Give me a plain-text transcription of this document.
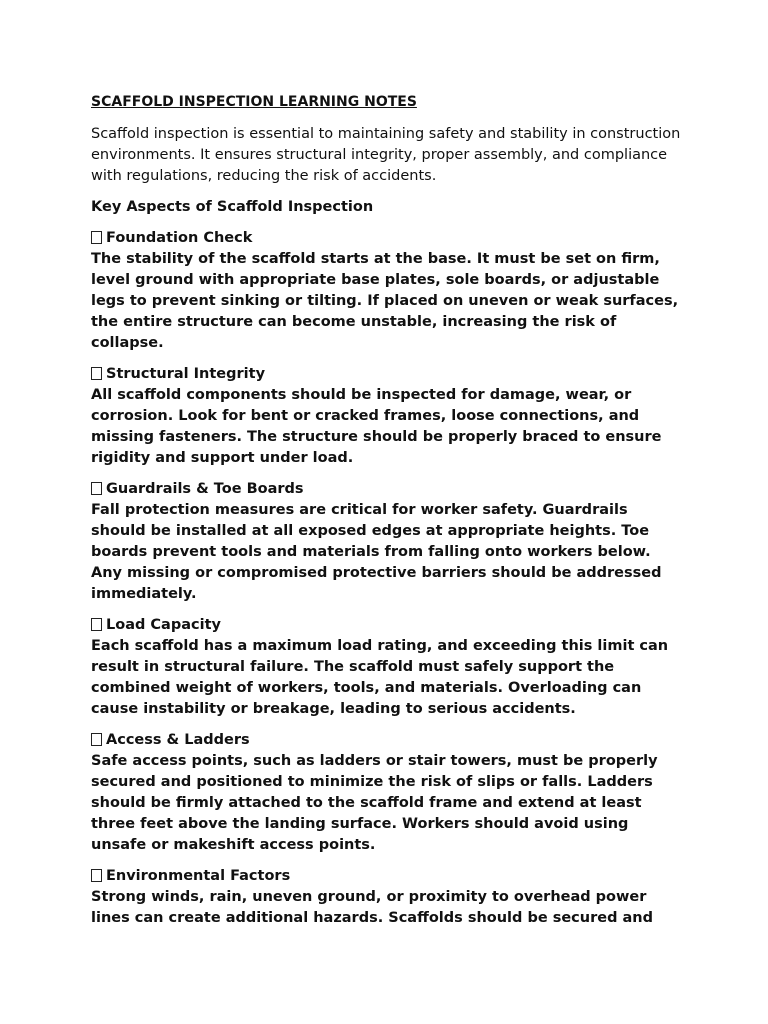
SCAFFOLD INSPECTION LEARNING NOTES

Scaffold inspection is essential to maintaining safety and stability in construction environments. It ensures structural integrity, proper assembly, and compliance with regulations, reducing the risk of accidents.

Key Aspects of Scaffold Inspection
Foundation Check
The stability of the scaffold starts at the base. It must be set on firm, level ground with appropriate base plates, sole boards, or adjustable legs to prevent sinking or tilting. If placed on uneven or weak surfaces, the entire structure can become unstable, increasing the risk of collapse.
Structural Integrity
All scaffold components should be inspected for damage, wear, or corrosion. Look for bent or cracked frames, loose connections, and missing fasteners. The structure should be properly braced to ensure rigidity and support under load.
Guardrails & Toe Boards
Fall protection measures are critical for worker safety. Guardrails should be installed at all exposed edges at appropriate heights. Toe boards prevent tools and materials from falling onto workers below. Any missing or compromised protective barriers should be addressed immediately.
Load Capacity
Each scaffold has a maximum load rating, and exceeding this limit can result in structural failure. The scaffold must safely support the combined weight of workers, tools, and materials. Overloading can cause instability or breakage, leading to serious accidents.
Access & Ladders
Safe access points, such as ladders or stair towers, must be properly secured and positioned to minimize the risk of slips or falls. Ladders should be firmly attached to the scaffold frame and extend at least three feet above the landing surface. Workers should avoid using unsafe or makeshift access points.
Environmental Factors
Strong winds, rain, uneven ground, or proximity to overhead power lines can create additional hazards. Scaffolds should be secured and
